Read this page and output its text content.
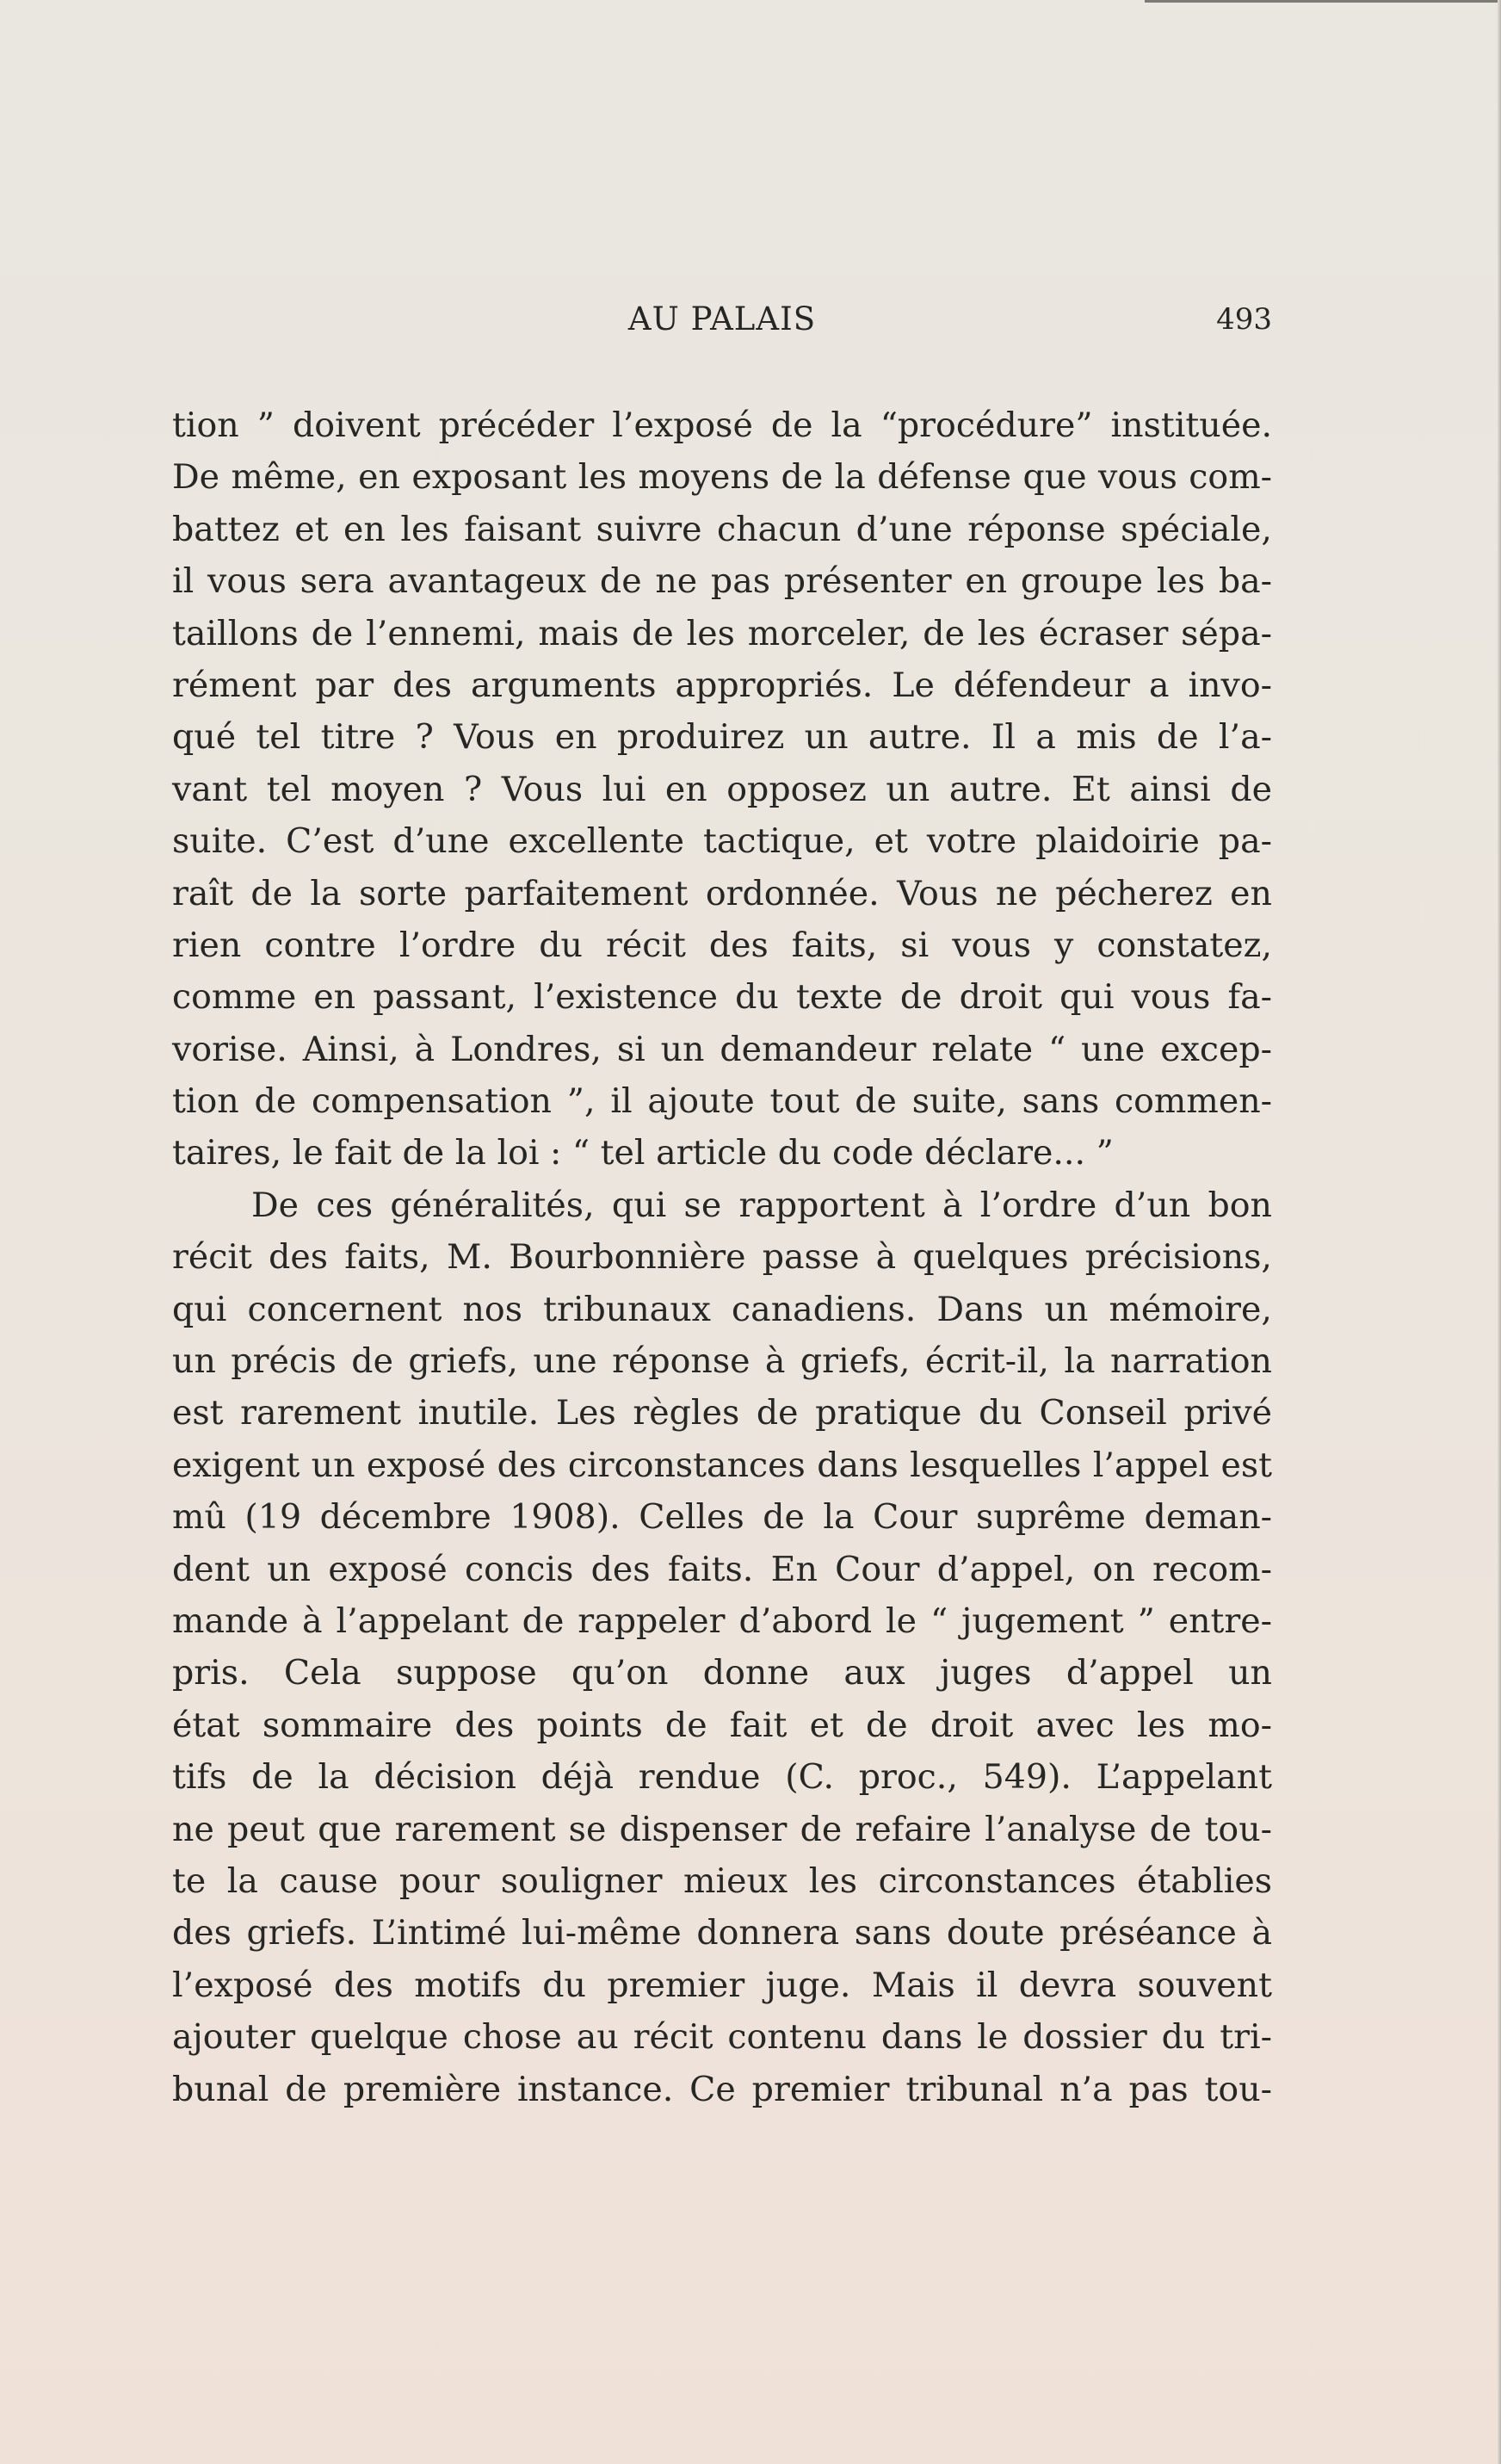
AU PALAIS	493
tion ” doivent précéder l’exposé de la “procédure” instituée.
De même, en exposant les moyens de la défense que vous com-
battez et en les faisant suivre chacun d’une réponse spéciale,
il vous sera avantageux de ne pas présenter en groupe les ba-
taillons de l’ennemi, mais de les morceler, de les écraser sépa-
rément par des arguments appropriés. Le défendeur a invo-
qué tel titre ? Vous en produirez un autre. Il a mis de l’a-
vant tel moyen ? Vous lui en opposez un autre. Et ainsi de
suite. C’est d’une excellente tactique, et votre plaidoirie pa-
raît de la sorte parfaitement ordonnée. Vous ne pécherez en
rien contre l’ordre du récit des faits, si vous y constatez,
comme en passant, l’existence du texte de droit qui vous fa-
vorise. Ainsi, à Londres, si un demandeur relate “ une excep-
tion de compensation ”, il ajoute tout de suite, sans commen-
taires, le fait de la loi : “ tel article du code déclare... ”
De ces généralités, qui se rapportent à l’ordre d’un bon
récit des faits, M. Bourbonnière passe à quelques précisions,
qui concernent nos tribunaux canadiens. Dans un mémoire,
un précis de griefs, une réponse à griefs, écrit-il, la narration
est rarement inutile. Les règles de pratique du Conseil privé
exigent un exposé des circonstances dans lesquelles l’appel est
mû (19 décembre 1908). Celles de la Cour suprême deman-
dent un exposé concis des faits. En Cour d’appel, on recom-
mande à l’appelant de rappeler d’abord le “ jugement ” entre-
pris. Cela suppose qu’on donne aux juges d’appel un
état sommaire des points de fait et de droit avec les mo-
tifs de la décision déjà rendue (C. proc., 549). L’appelant
ne peut que rarement se dispenser de refaire l’analyse de tou-
te la cause pour souligner mieux les circonstances établies
des griefs. L’intimé lui-même donnera sans doute préséance à
l’exposé des motifs du premier juge. Mais il devra souvent
ajouter quelque chose au récit contenu dans le dossier du tri-
bunal de première instance. Ce premier tribunal n’a pas tou-
